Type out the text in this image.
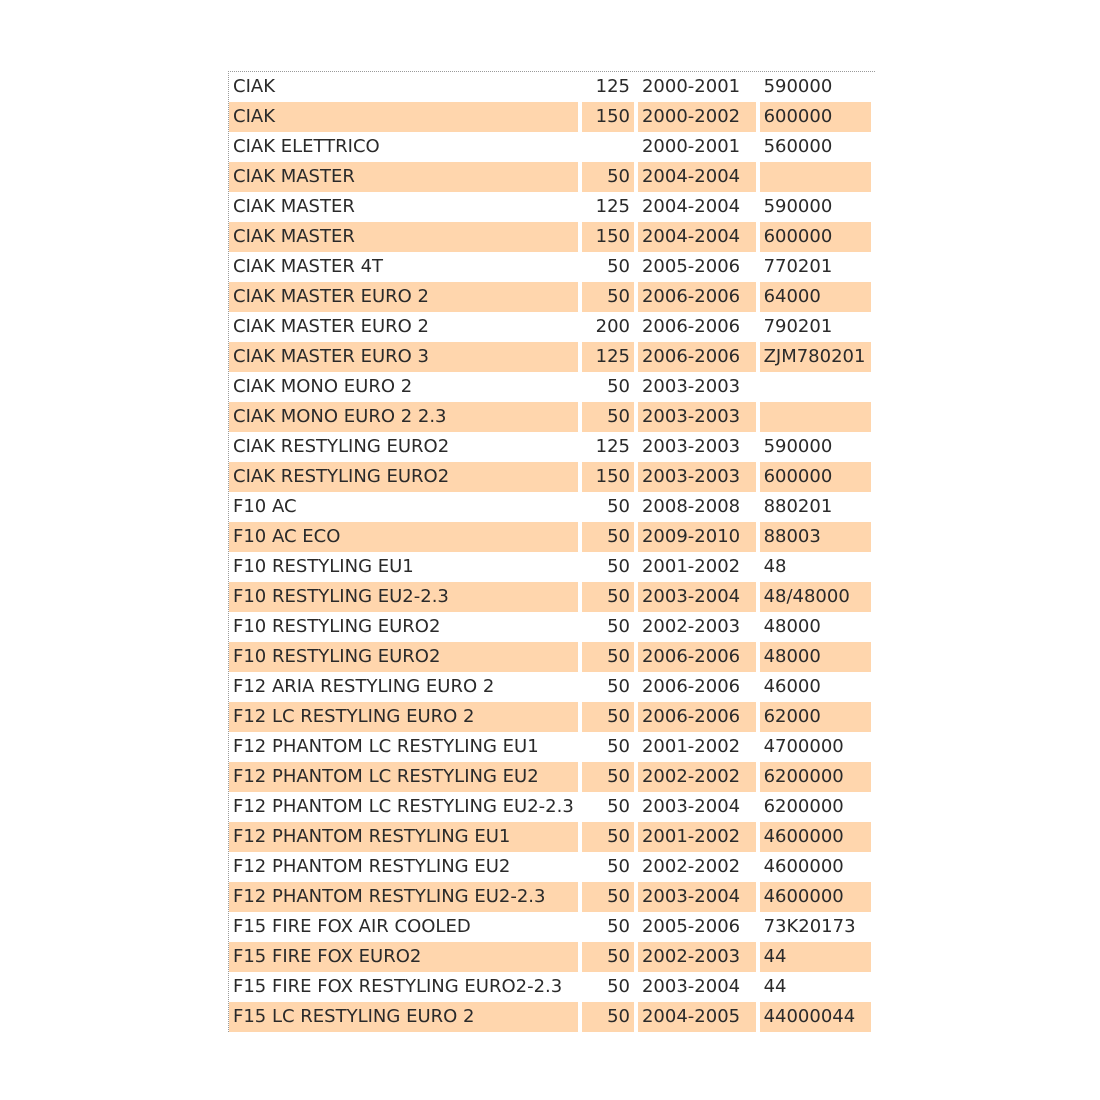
CIAK	125	2000-2001	590000
CIAK	150	2000-2002	600000
CIAK ELETTRICO		2000-2001	560000
CIAK MASTER	50	2004-2004	
CIAK MASTER	125	2004-2004	590000
CIAK MASTER	150	2004-2004	600000
CIAK MASTER 4T	50	2005-2006	770201
CIAK MASTER EURO 2	50	2006-2006	64000
CIAK MASTER EURO 2	200	2006-2006	790201
CIAK MASTER EURO 3	125	2006-2006	ZJM780201
CIAK MONO EURO 2	50	2003-2003	
CIAK MONO EURO 2 2.3	50	2003-2003	
CIAK RESTYLING EURO2	125	2003-2003	590000
CIAK RESTYLING EURO2	150	2003-2003	600000
F10 AC	50	2008-2008	880201
F10 AC ECO	50	2009-2010	88003
F10 RESTYLING EU1	50	2001-2002	48
F10 RESTYLING EU2-2.3	50	2003-2004	48/48000
F10 RESTYLING EURO2	50	2002-2003	48000
F10 RESTYLING EURO2	50	2006-2006	48000
F12 ARIA RESTYLING EURO 2	50	2006-2006	46000
F12 LC RESTYLING EURO 2	50	2006-2006	62000
F12 PHANTOM LC RESTYLING EU1	50	2001-2002	4700000
F12 PHANTOM LC RESTYLING EU2	50	2002-2002	6200000
F12 PHANTOM LC RESTYLING EU2-2.3	50	2003-2004	6200000
F12 PHANTOM RESTYLING EU1	50	2001-2002	4600000
F12 PHANTOM RESTYLING EU2	50	2002-2002	4600000
F12 PHANTOM RESTYLING EU2-2.3	50	2003-2004	4600000
F15 FIRE FOX AIR COOLED	50	2005-2006	73K20173
F15 FIRE FOX EURO2	50	2002-2003	44
F15 FIRE FOX RESTYLING EURO2-2.3	50	2003-2004	44
F15 LC RESTYLING EURO 2	50	2004-2005	44000044
